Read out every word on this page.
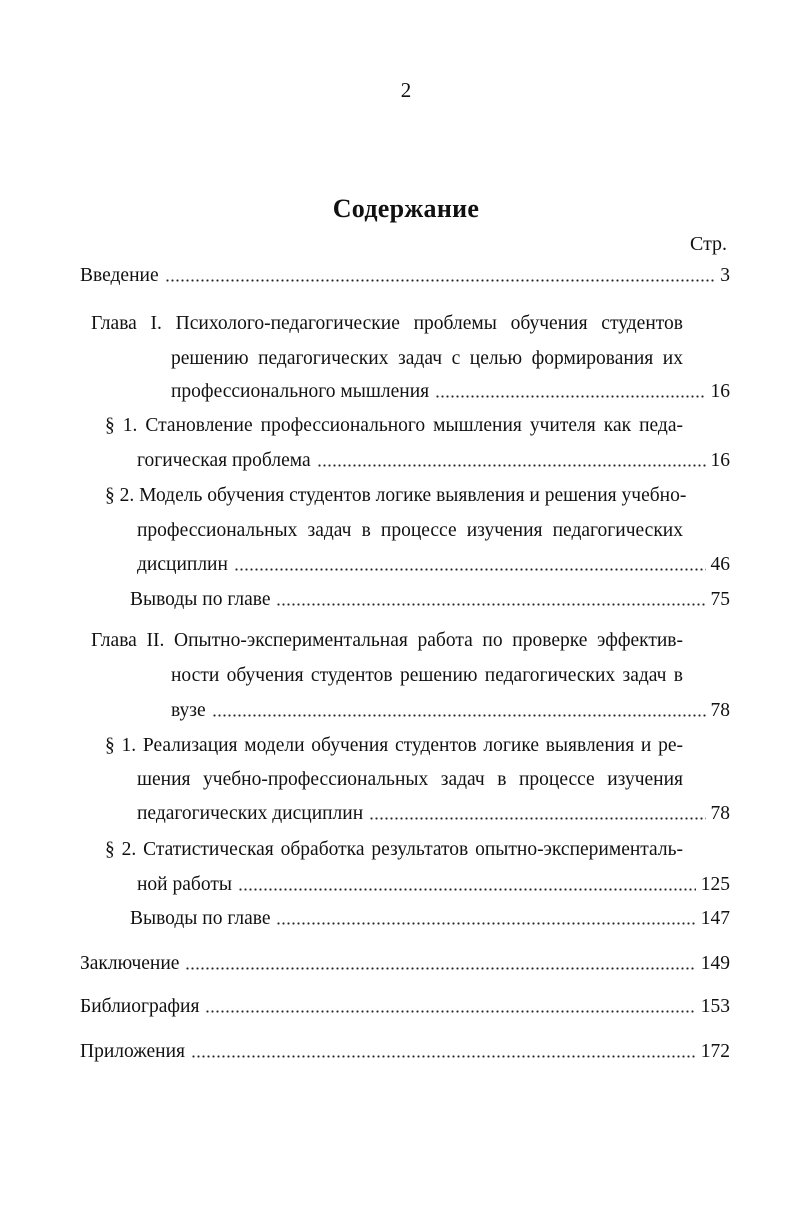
2
Содержание
Стр.
Введение	3
Глава I. Психолого-педагогические проблемы обучения студентов
решению педагогических задач с целью формирования их
профессионального мышления	16
§ 1. Становление профессионального мышления учителя как педа-
гогическая проблема	16
§ 2. Модель обучения студентов логике выявления и решения учебно-
профессиональных задач в процессе изучения педагогических
дисциплин	46
Выводы по главе	75
Глава II. Опытно-экспериментальная работа по проверке эффектив-
ности обучения студентов решению педагогических задач в
вузе	78
§ 1. Реализация модели обучения студентов логике выявления и ре-
шения учебно-профессиональных задач в процессе изучения
педагогических дисциплин	78
§ 2. Статистическая обработка результатов опытно-эксперименталь-
ной работы	125
Выводы по главе	147
Заключение	149
Библиография	153
Приложения	172
